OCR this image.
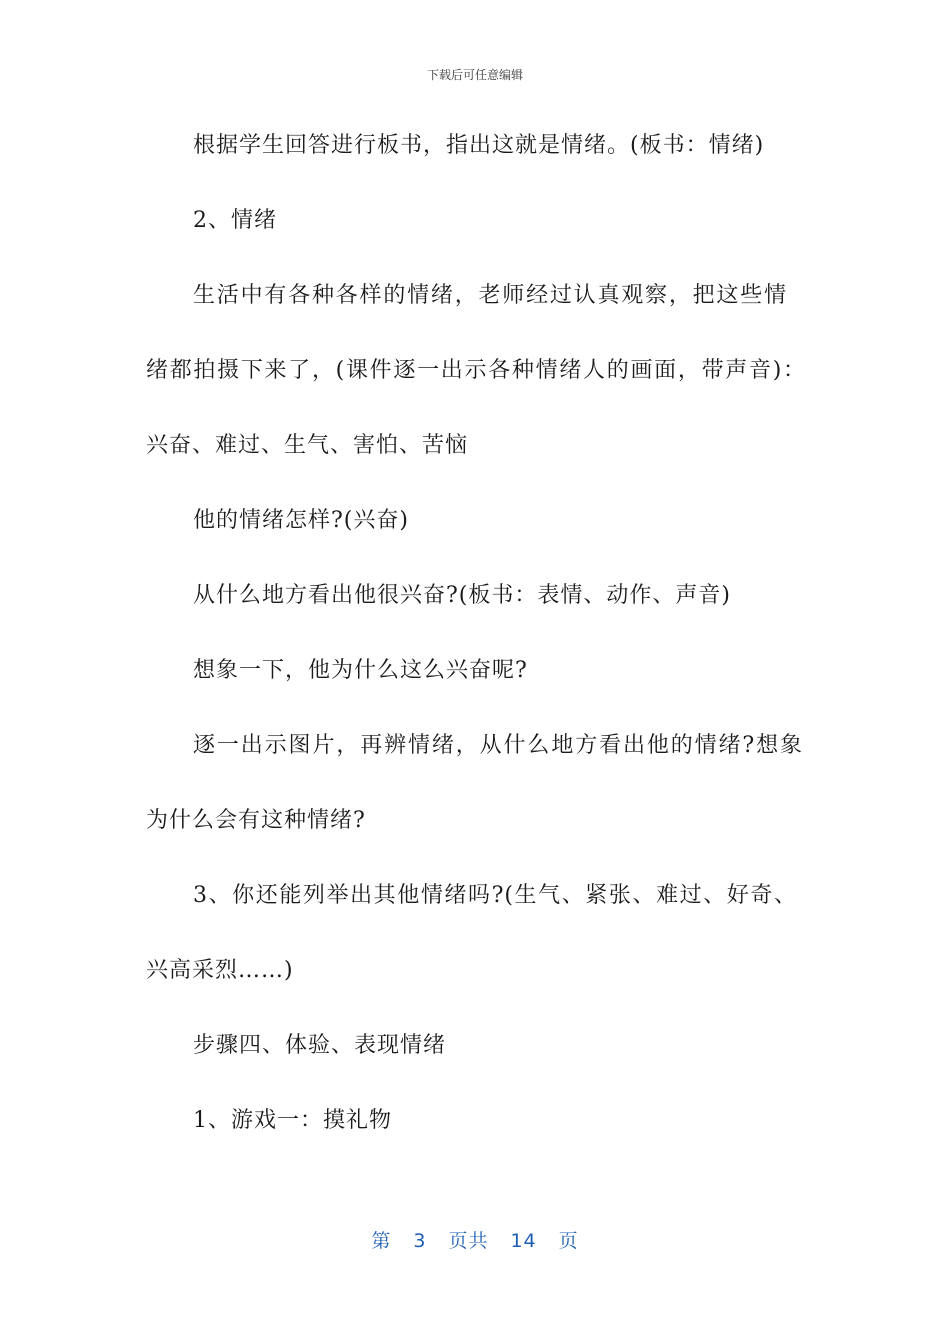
下载后可任意编辑
根据学生回答进行板书，指出这就是情绪。(板书：情绪)
2、情绪
生活中有各种各样的情绪，老师经过认真观察，把这些情
绪都拍摄下来了，(课件逐一出示各种情绪人的画面，带声音)：
兴奋、难过、生气、害怕、苦恼
他的情绪怎样?(兴奋)
从什么地方看出他很兴奋?(板书：表情、动作、声音)
想象一下，他为什么这么兴奋呢?
逐一出示图片，再辨情绪，从什么地方看出他的情绪?想象
为什么会有这种情绪?
3、你还能列举出其他情绪吗?(生气、紧张、难过、好奇、
兴高采烈……)
步骤四、体验、表现情绪
1、游戏一：摸礼物
第 3 页共 14 页
